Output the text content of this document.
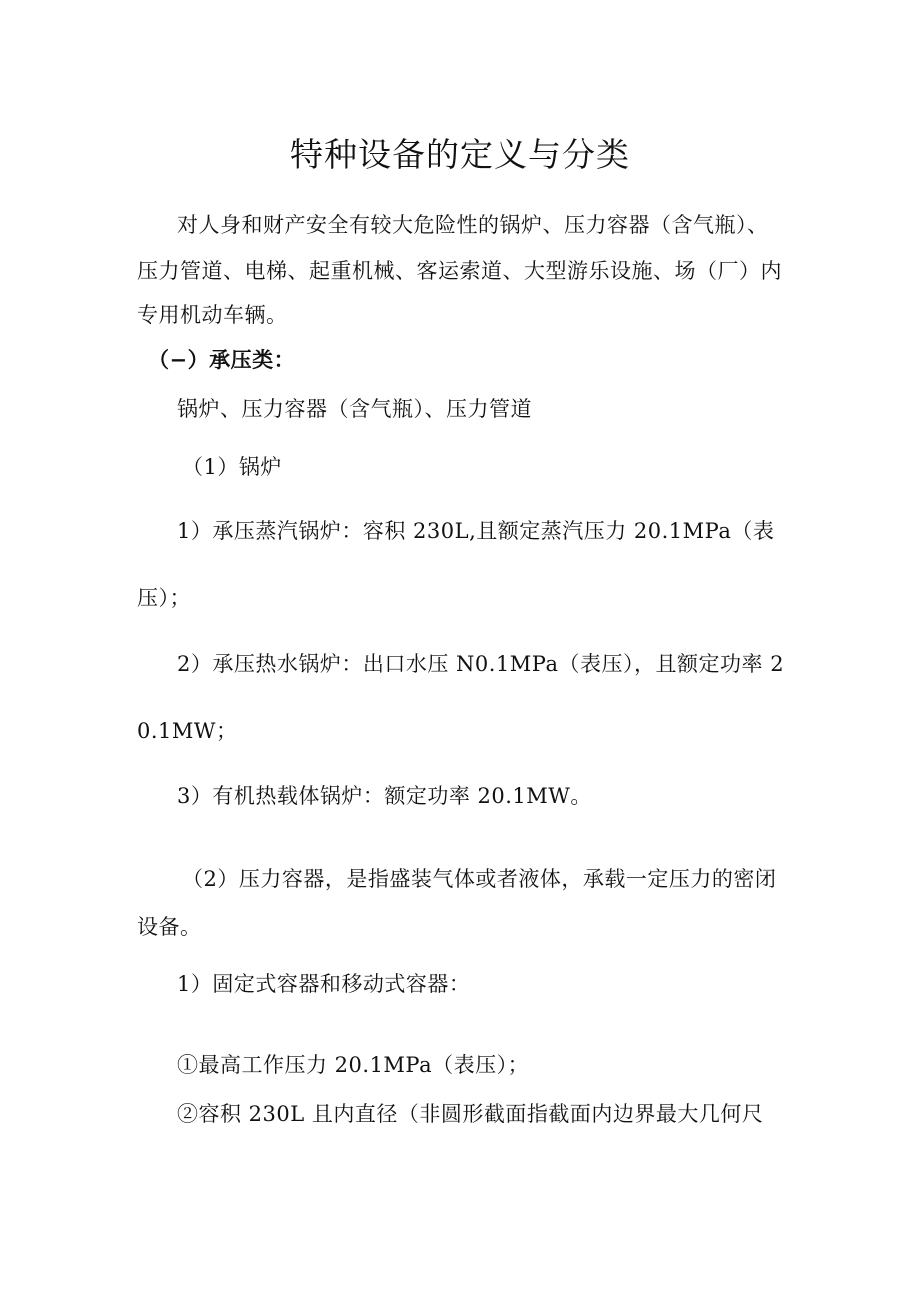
特种设备的定义与分类
对人身和财产安全有较大危险性的锅炉、压力容器（含气瓶）、
压力管道、电梯、起重机械、客运索道、大型游乐设施、场（厂）内
专用机动车辆。
（−）承压类：
锅炉、压力容器（含气瓶）、压力管道
（1）锅炉
1）承压蒸汽锅炉：容积 230L,且额定蒸汽压力 20.1MPa（表
压）；
2）承压热水锅炉：出口水压 N0.1MPa（表压），且额定功率 2
0.1MW；
3）有机热载体锅炉：额定功率 20.1MW。
（2）压力容器，是指盛装气体或者液体，承载一定压力的密闭
设备。
1）固定式容器和移动式容器：
①最高工作压力 20.1MPa（表压）；
②容积 230L 且内直径（非圆形截面指截面内边界最大几何尺
